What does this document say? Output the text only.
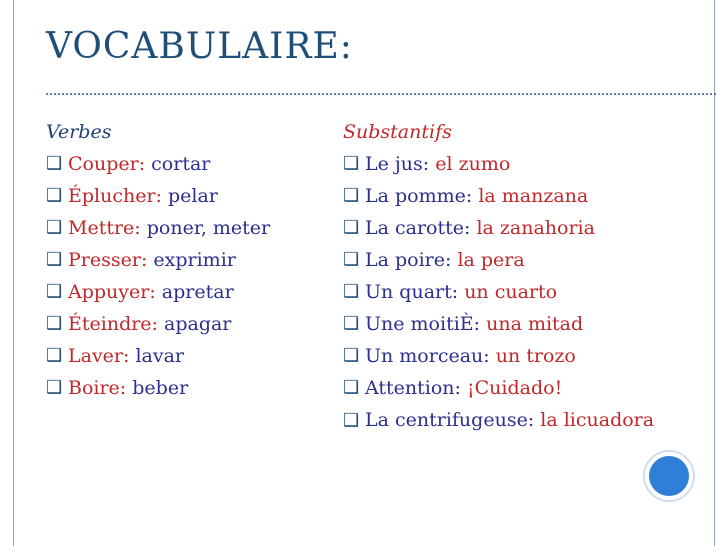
VOCABULAIRE:
Verbes
❑ Couper: cortar
❑ Éplucher: pelar
❑ Mettre: poner, meter
❑ Presser: exprimir
❑ Appuyer: apretar
❑ Éteindre: apagar
❑ Laver: lavar
❑ Boire: beber
Substantifs
❑ Le jus: el zumo
❑ La pomme: la manzana
❑ La carotte: la zanahoria
❑ La poire: la pera
❑ Un quart: un cuarto
❑ Une moitiÈ: una mitad
❑ Un morceau: un trozo
❑ Attention: ¡Cuidado!
❑ La centrifugeuse: la licuadora
